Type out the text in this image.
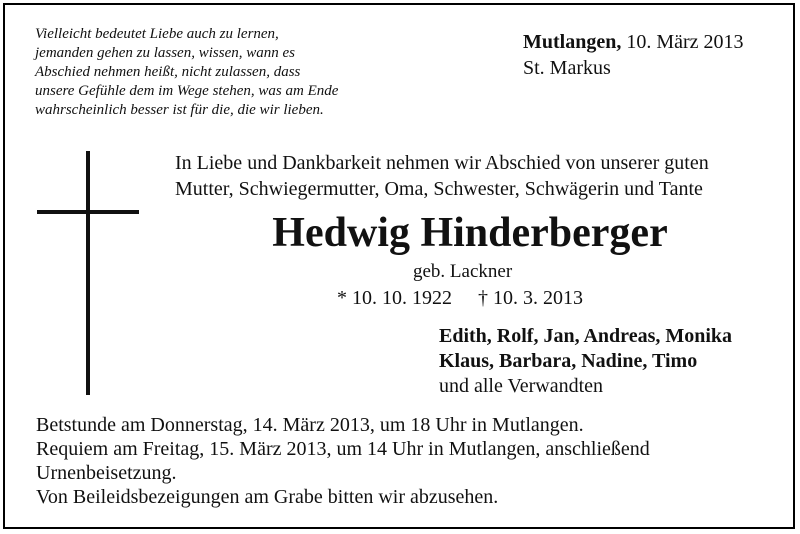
Vielleicht bedeutet Liebe auch zu lernen,
jemanden gehen zu lassen, wissen, wann es
Abschied nehmen heißt, nicht zulassen, dass
unsere Gefühle dem im Wege stehen, was am Ende
wahrscheinlich besser ist für die, die wir lieben.
Mutlangen, 10. März 2013
St. Markus
In Liebe und Dankbarkeit nehmen wir Abschied von unserer guten
Mutter, Schwiegermutter, Oma, Schwester, Schwägerin und Tante
Hedwig Hinderberger
geb. Lackner
* 10. 10. 1922 † 10. 3. 2013
Edith, Rolf, Jan, Andreas, Monika
Klaus, Barbara, Nadine, Timo
und alle Verwandten
Betstunde am Donnerstag, 14. März 2013, um 18 Uhr in Mutlangen.
Requiem am Freitag, 15. März 2013, um 14 Uhr in Mutlangen, anschließend
Urnenbeisetzung.
Von Beileidsbezeigungen am Grabe bitten wir abzusehen.
